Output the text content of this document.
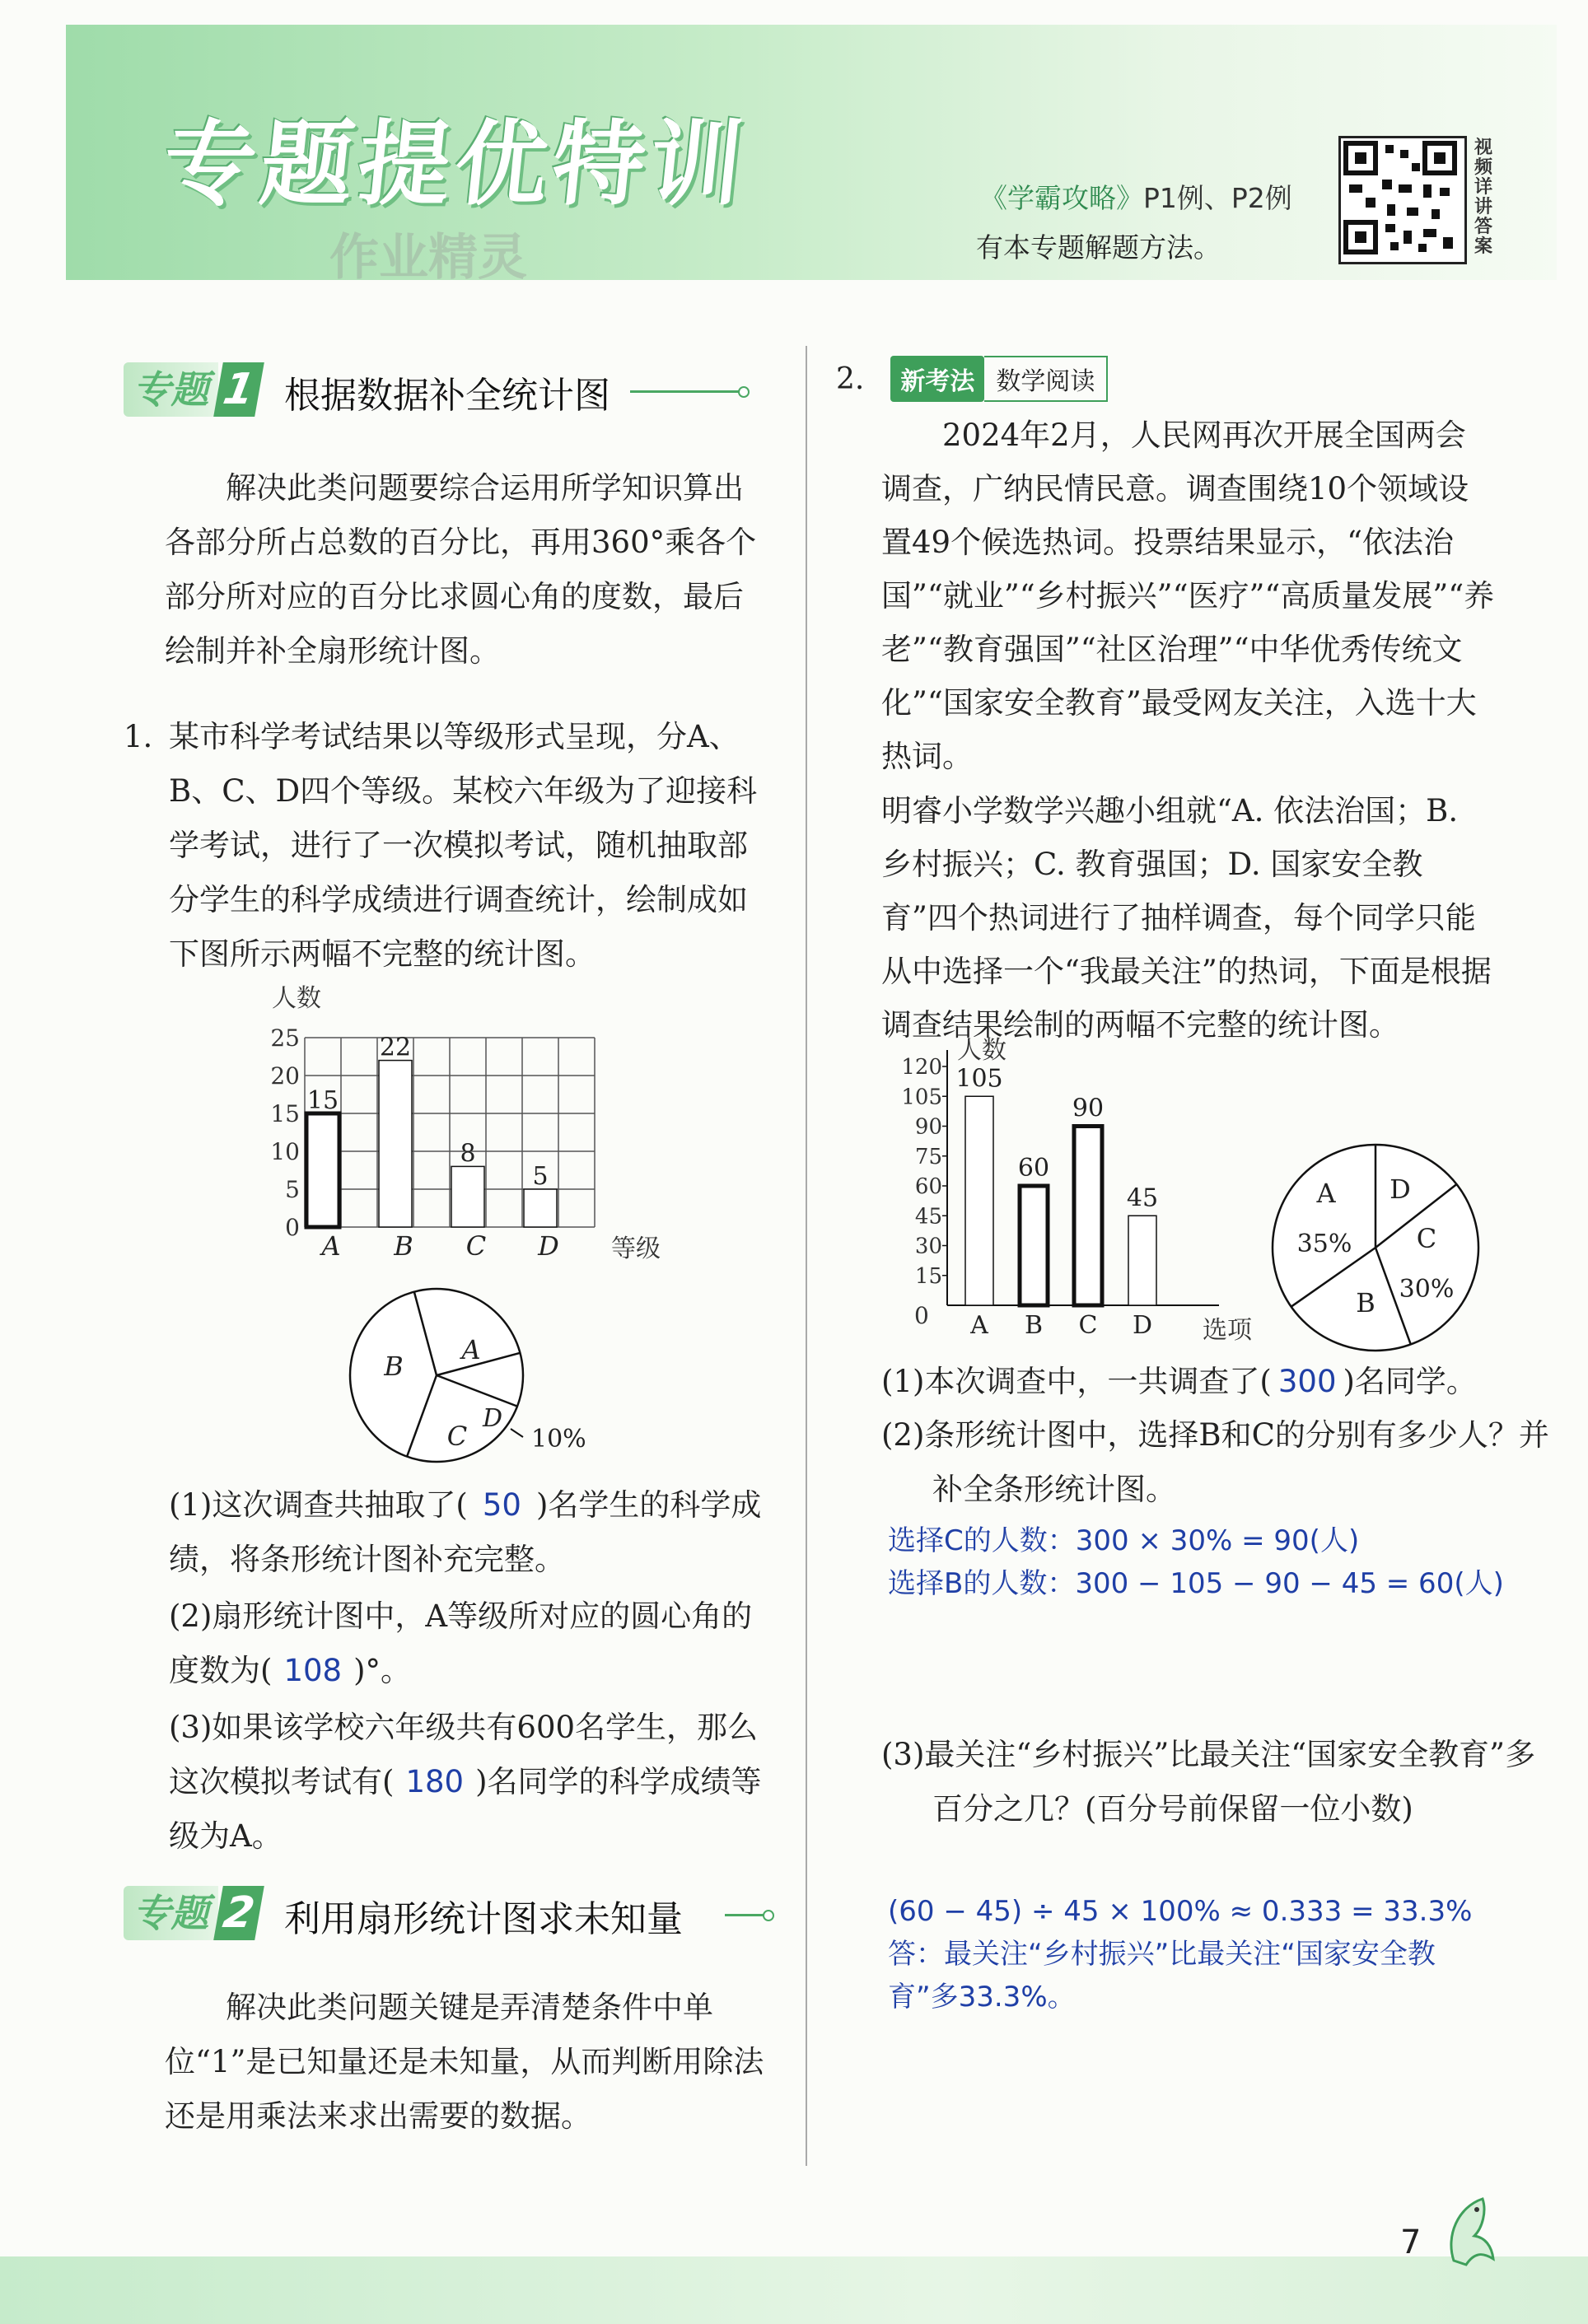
专题提优特训
作业精灵
《学霸攻略》P1例、P2例
有本专题解题方法。
视频详讲答案
专题 1 根据数据补全统计图
解决此类问题要综合运用所学知识算出各部分所占总数的百分比，再用360°乘各个部分所对应的百分比求圆心角的度数，最后绘制并补全扇形统计图。
1. 某市科学考试结果以等级形式呈现，分A、B、C、D四个等级。某校六年级为了迎接科学考试，进行了一次模拟考试，随机抽取部分学生的科学成绩进行调查统计，绘制成如下图所示两幅不完整的统计图。
0
5
10
15
20
25
人数
15
A
22
B
8
C
5
D 等级
A
B
C
D
10%
(1)这次调查共抽取了( 50 )名学生的科学成绩，将条形统计图补充完整。
(2)扇形统计图中，A等级所对应的圆心角的度数为( 108 )°。
(3)如果该学校六年级共有600名学生，那么这次模拟考试有( 180 )名同学的科学成绩等级为A。
专题 2 利用扇形统计图求未知量
解决此类问题关键是弄清楚条件中单位“1”是已知量还是未知量，从而判断用除法还是用乘法来求出需要的数据。
2.	新考法 数学阅读
2024年2月，人民网再次开展全国两会调查，广纳民情民意。调查围绕10个领域设置49个候选热词。投票结果显示，“依法治国”“就业”“乡村振兴”“医疗”“高质量发展”“养老”“教育强国”“社区治理”“中华优秀传统文化”“国家安全教育”最受网友关注，入选十大热词。
明睿小学数学兴趣小组就“A. 依法治国；B. 乡村振兴；C. 教育强国；D. 国家安全教育”四个热词进行了抽样调查，每个同学只能从中选择一个“我最关注”的热词，下面是根据调查结果绘制的两幅不完整的统计图。
15
30
45
60
75
90
105
120
0
人数
105
A
60
B
90
C
45
D 选项
A
B
C
D
35%
30%
(1)本次调查中，一共调查了( 300 )名同学。
(2)条形统计图中，选择B和C的分别有多少人？并补全条形统计图。
选择C的人数：300 × 30% = 90(人)
选择B的人数：300 − 105 − 90 − 45 = 60(人)
(3)最关注“乡村振兴”比最关注“国家安全教育”多百分之几？(百分号前保留一位小数)
(60 − 45) ÷ 45 × 100% ≈ 0.333 = 33.3%
答：最关注“乡村振兴”比最关注“国家安全教
育”多33.3%。
7
